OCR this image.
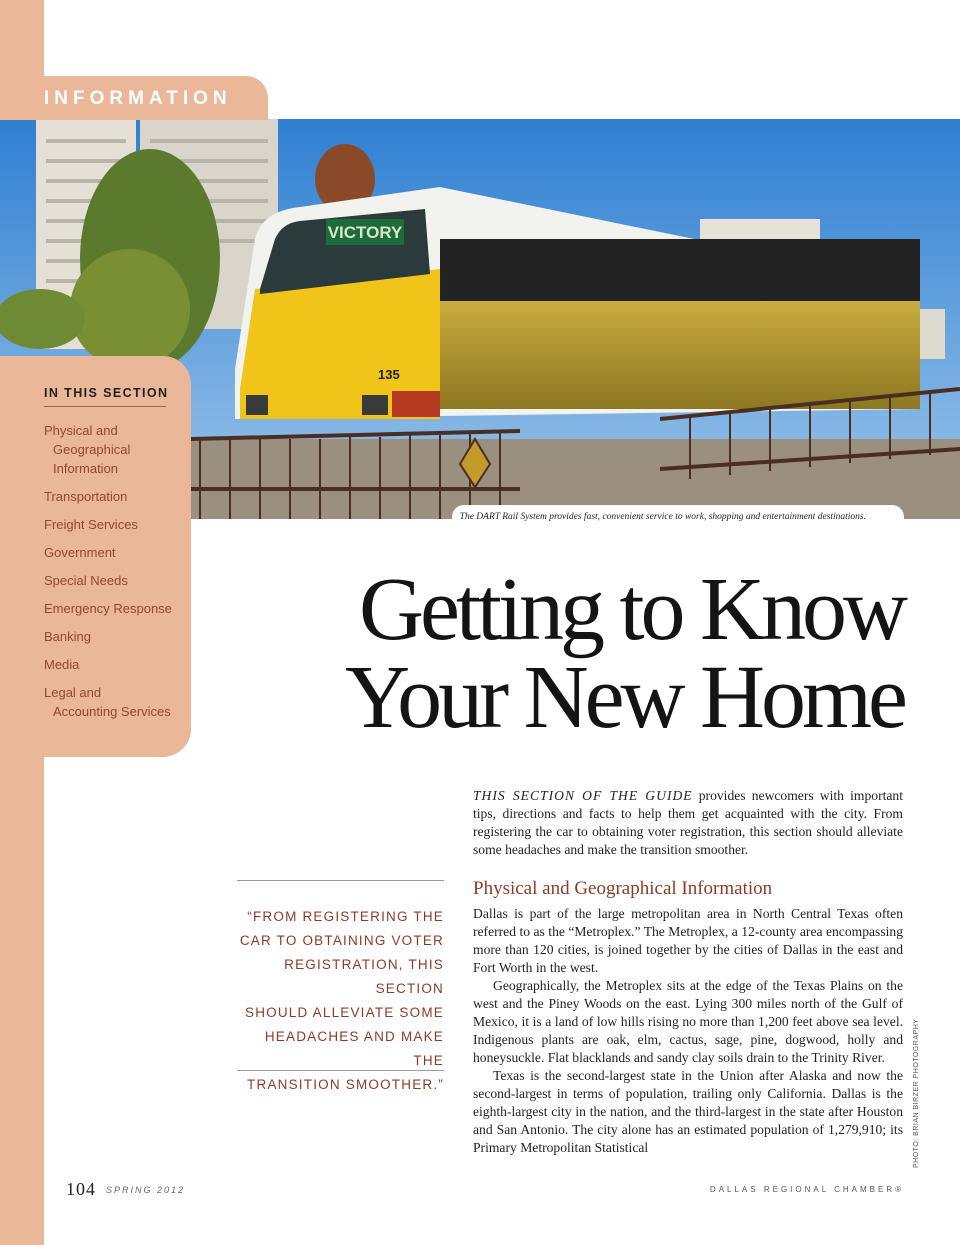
VICTORY
135
The DART Rail System provides fast, convenient service to work, shopping and entertainment destinations.
INFORMATION
IN THIS SECTION
Physical and
Geographical
Information
Transportation
Freight Services
Government
Special Needs
Emergency Response
Banking
Media
Legal and
Accounting Services
Getting to Know
Your New Home
THIS SECTION OF THE GUIDE provides newcomers with important tips, directions and facts to help them get acquainted with the city. From registering the car to obtaining voter registration, this section should alleviate some headaches and make the transition smoother.
“FROM REGISTERING THE
CAR TO OBTAINING VOTER
REGISTRATION, THIS SECTION
SHOULD ALLEVIATE SOME
HEADACHES AND MAKE THE
TRANSITION SMOOTHER.”
Physical and Geographical Information

Dallas is part of the large metropolitan area in North Central Texas often referred to as the “Metroplex.” The Metroplex, a 12-county area encompassing more than 120 cities, is joined together by the cities of Dallas in the east and Fort Worth in the west.

Geographically, the Metroplex sits at the edge of the Texas Plains on the west and the Piney Woods on the east. Lying 300 miles north of the Gulf of Mexico, it is a land of low hills rising no more than 1,200 feet above sea level. Indigenous plants are oak, elm, cactus, sage, pine, dogwood, holly and honeysuckle. Flat blacklands and sandy clay soils drain to the Trinity River.

Texas is the second-largest state in the Union after Alaska and now the second-largest in terms of population, trailing only California. Dallas is the eighth-largest city in the nation, and the third-largest in the state after Houston and San Antonio. The city alone has an estimated population of 1,279,910; its Primary Metropolitan Statistical	PHOTO: BRIAN BIRZER PHOTOGRAPHY
104 SPRING 2012	DALLAS REGIONAL CHAMBER®
